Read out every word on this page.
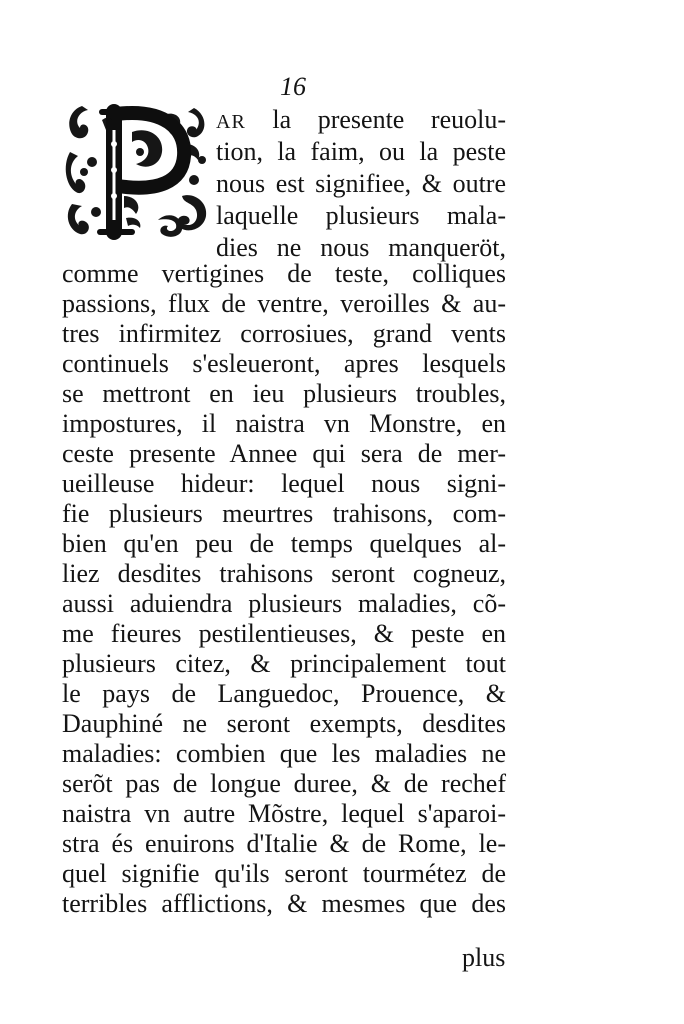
16
AR la presente reuolu-
tion, la faim, ou la peste
nous est signifiee, & outre
laquelle plusieurs mala-
dies ne nous manqueröt,
comme vertigines de teste, colliques
passions, flux de ventre, veroilles & au-
tres infirmitez corrosiues, grand vents
continuels s'esleueront, apres lesquels
se mettront en ieu plusieurs troubles,
impostures, il naistra vn Monstre, en
ceste presente Annee qui sera de mer-
ueilleuse hideur: lequel nous signi-
fie plusieurs meurtres trahisons, com-
bien qu'en peu de temps quelques al-
liez desdites trahisons seront cogneuz,
aussi aduiendra plusieurs maladies, cõ-
me fieures pestilentieuses, & peste en
plusieurs citez, & principalement tout
le pays de Languedoc, Prouence, &
Dauphiné ne seront exempts, desdites
maladies: combien que les maladies ne
serõt pas de longue duree, & de rechef
naistra vn autre Mõstre, lequel s'aparoi-
stra és enuirons d'Italie & de Rome, le-
quel signifie qu'ils seront tourmétez de
terribles afflictions, & mesmes que des
plus
